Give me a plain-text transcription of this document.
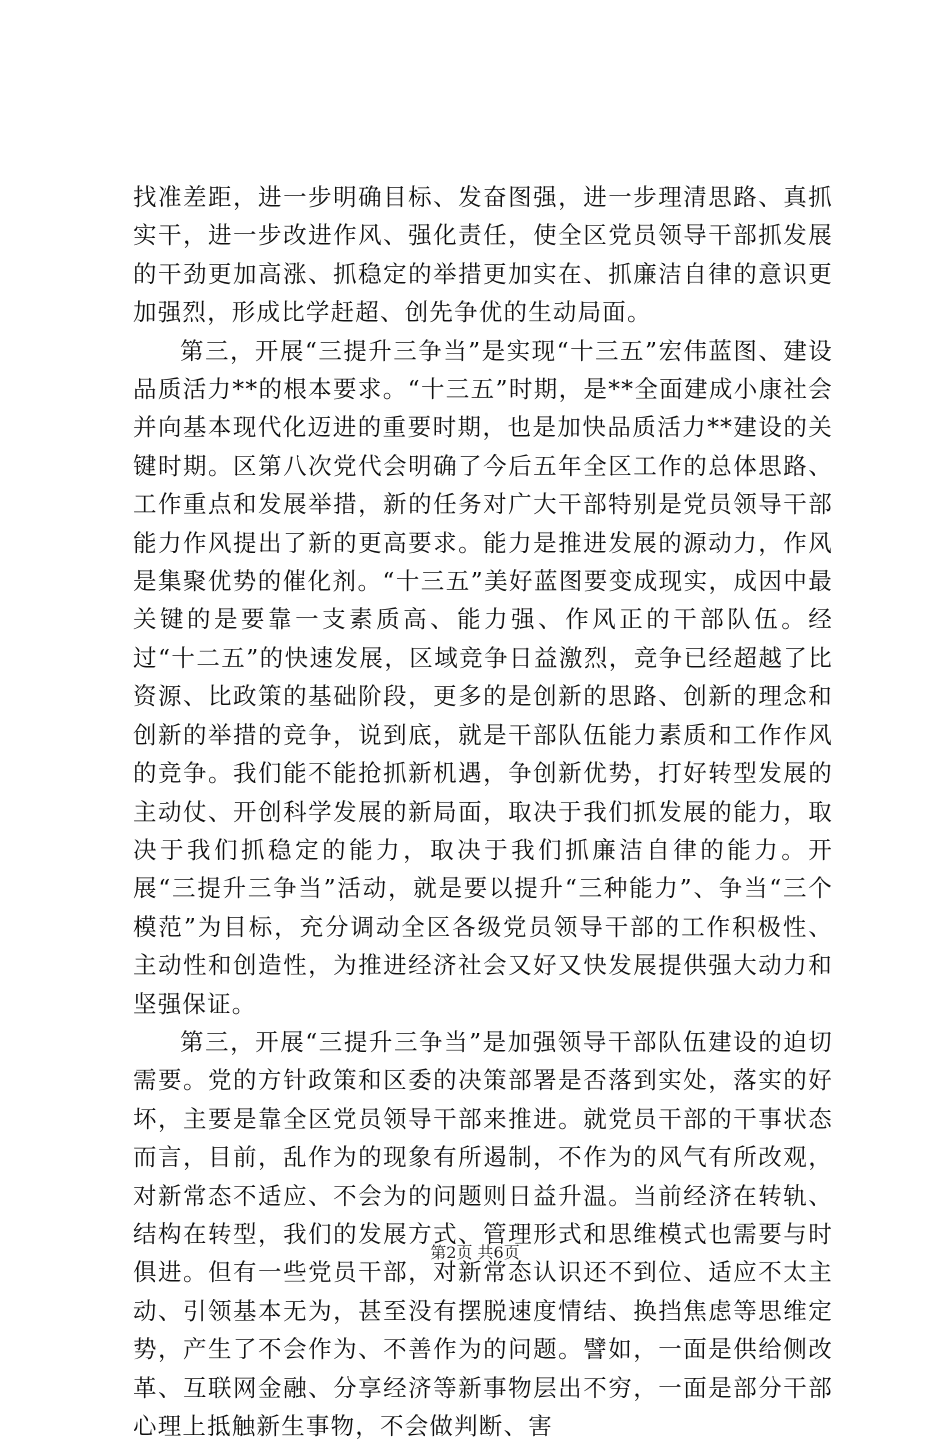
找准差距，进一步明确目标、发奋图强，进一步理清思路、真抓实干，进一步改进作风、强化责任，使全区党员领导干部抓发展的干劲更加高涨、抓稳定的举措更加实在、抓廉洁自律的意识更加强烈，形成比学赶超、创先争优的生动局面。

第三，开展“三提升三争当”是实现“十三五”宏伟蓝图、建设品质活力**的根本要求。“十三五”时期，是**全面建成小康社会并向基本现代化迈进的重要时期，也是加快品质活力**建设的关键时期。区第八次党代会明确了今后五年全区工作的总体思路、工作重点和发展举措，新的任务对广大干部特别是党员领导干部能力作风提出了新的更高要求。能力是推进发展的源动力，作风是集聚优势的催化剂。“十三五”美好蓝图要变成现实，成因中最关键的是要靠一支素质高、能力强、作风正的干部队伍。经过“十二五”的快速发展，区域竞争日益激烈，竞争已经超越了比资源、比政策的基础阶段，更多的是创新的思路、创新的理念和创新的举措的竞争，说到底，就是干部队伍能力素质和工作作风的竞争。我们能不能抢抓新机遇，争创新优势，打好转型发展的主动仗、开创科学发展的新局面，取决于我们抓发展的能力，取决于我们抓稳定的能力，取决于我们抓廉洁自律的能力。开展“三提升三争当”活动，就是要以提升“三种能力”、争当“三个模范”为目标，充分调动全区各级党员领导干部的工作积极性、主动性和创造性，为推进经济社会又好又快发展提供强大动力和坚强保证。

第三，开展“三提升三争当”是加强领导干部队伍建设的迫切需要。党的方针政策和区委的决策部署是否落到实处，落实的好坏，主要是靠全区党员领导干部来推进。就党员干部的干事状态而言，目前，乱作为的现象有所遏制，不作为的风气有所改观，对新常态不适应、不会为的问题则日益升温。当前经济在转轨、结构在转型，我们的发展方式、管理形式和思维模式也需要与时俱进。但有一些党员干部，对新常态认识还不到位、适应不太主动、引领基本无为，甚至没有摆脱速度情结、换挡焦虑等思维定势，产生了不会作为、不善作为的问题。譬如，一面是供给侧改革、互联网金融、分享经济等新事物层出不穷，一面是部分干部心理上抵触新生事物，不会做判断、害

第2页 共6页
